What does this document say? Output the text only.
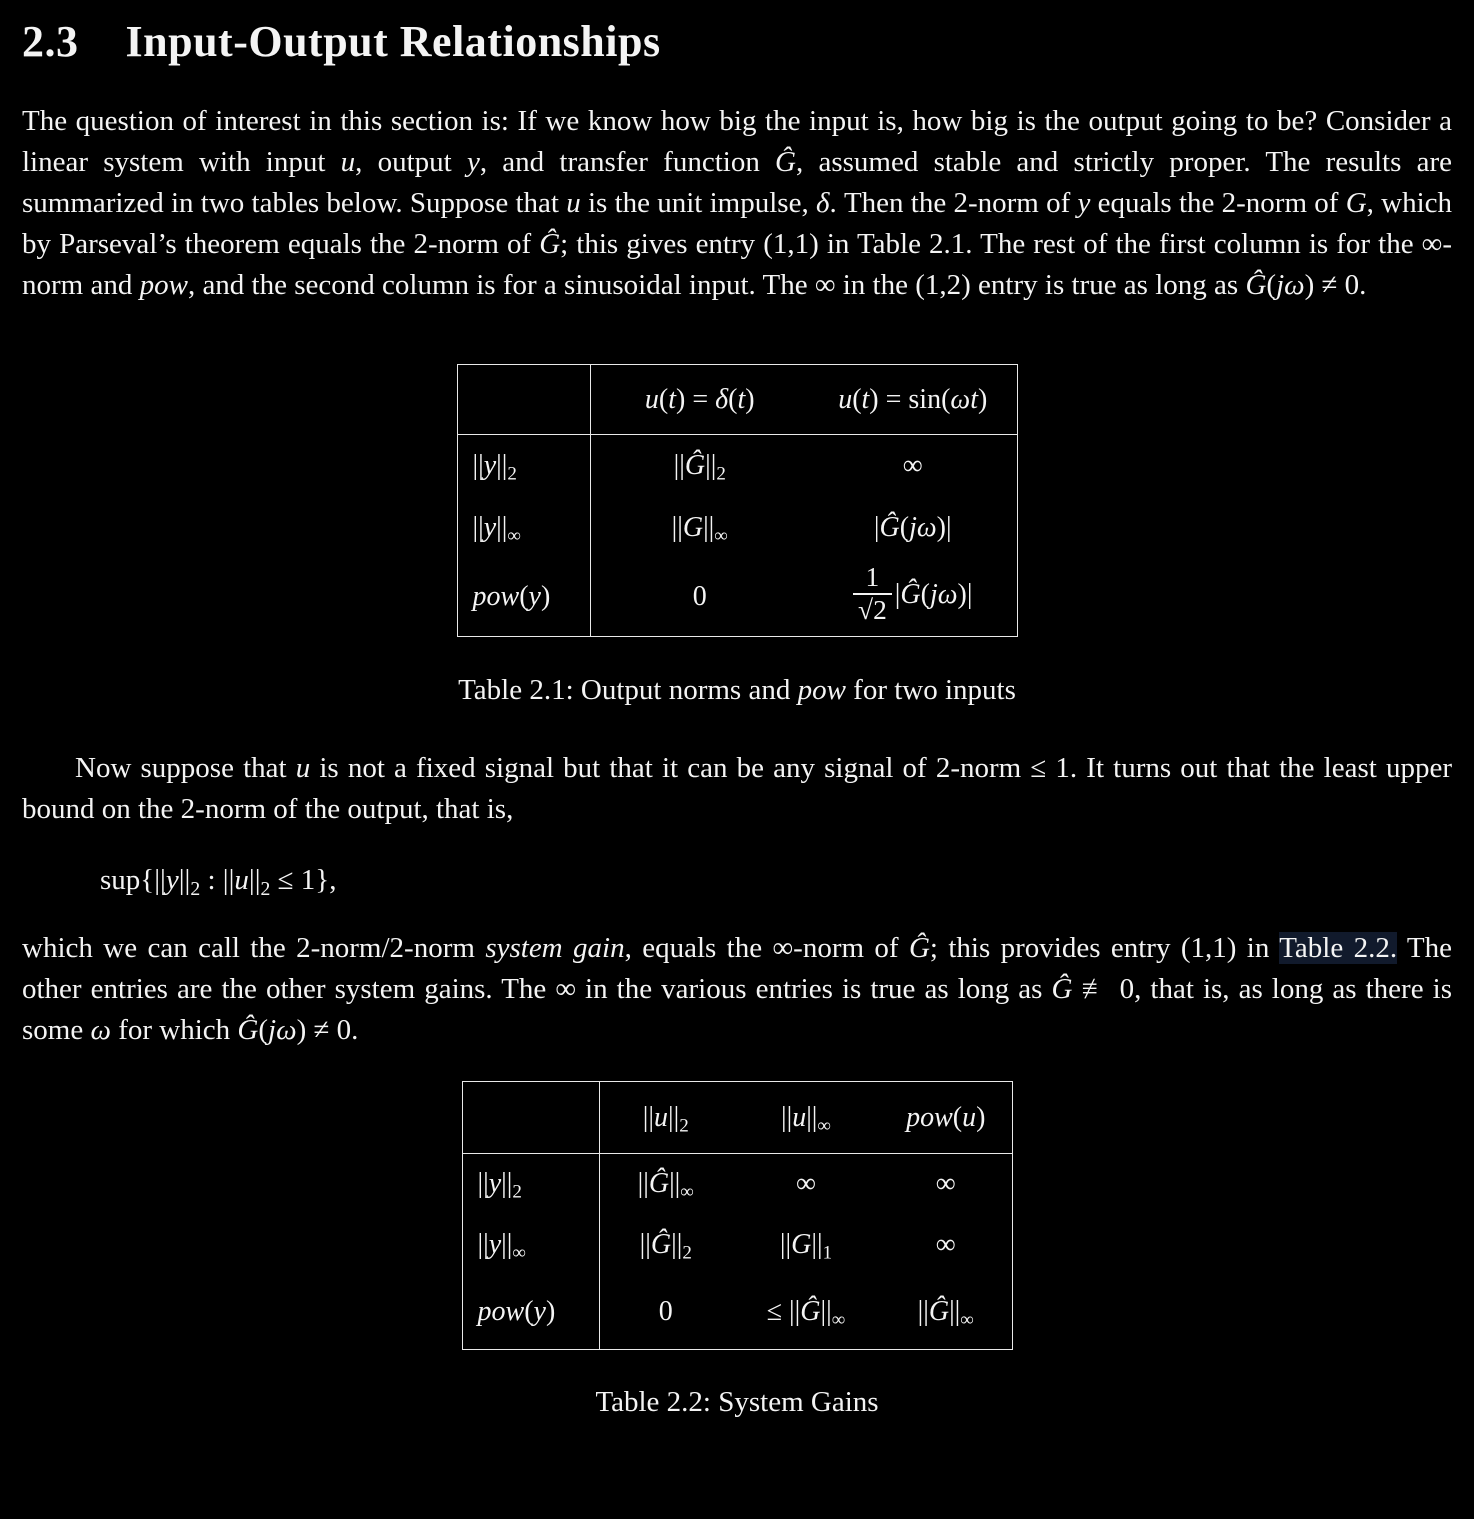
2.3 Input-Output Relationships

The question of interest in this section is: If we know how big the input is, how big is the output going to be? Consider a linear system with input u, output y, and transfer function Ĝ, assumed stable and strictly proper. The results are summarized in two tables below. Suppose that u is the unit impulse, δ. Then the 2-norm of y equals the 2-norm of G, which by Parseval’s theorem equals the 2-norm of Ĝ; this gives entry (1,1) in Table 2.1. The rest of the first column is for the ∞-norm and pow, and the second column is for a sinusoidal input. The ∞ in the (1,2) entry is true as long as Ĝ(jω) ≠ 0.

	u(t) = δ(t)	u(t) = sin(ωt)
$||y||_2$	$||Ĝ||_2$	∞
$||y||_\infty$	$||G||_\infty$	|Ĝ(jω)|
pow(y)	0	$\frac{1}{√2}$ |Ĝ(jω)|
Table 2.1: Output norms and pow for two inputs

Now suppose that u is not a fixed signal but that it can be any signal of 2-norm ≤ 1. It turns out that the least upper bound on the 2-norm of the output, that is,

$sup\{||y||_2$ : $||u||_2 \le 1$},

which we can call the 2-norm/2-norm system gain, equals the ∞-norm of Ĝ; this provides entry (1,1) in Table 2.2. The other entries are the other system gains. The ∞ in the various entries is true as long as Ĝ ≢ 0, that is, as long as there is some ω for which Ĝ(jω) ≠ 0.

	$||u||_2$	$||u||_\infty$	pow(u)
$||y||_2$	$||Ĝ||_\infty$	∞	∞
$||y||_\infty$	$||Ĝ||_2$	$||G||_1$	∞
pow(y)	0	≤ $||Ĝ||_\infty$	$||Ĝ||_\infty$
Table 2.2: System Gains
